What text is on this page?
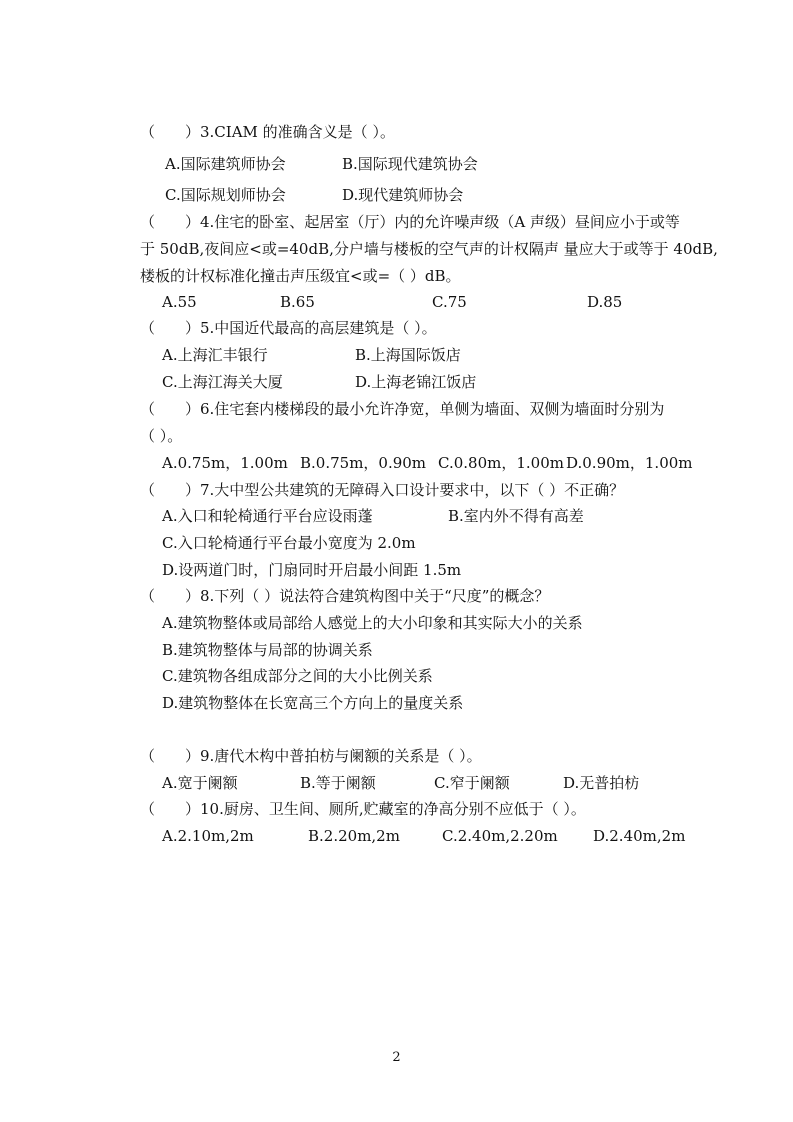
（　　）3.CIAM 的准确含义是（ ）。
A.国际建筑师协会	B.国际现代建筑协会
C.国际规划师协会	D.现代建筑师协会
（　　）4.住宅的卧室、起居室（厅）内的允许噪声级（A 声级）昼间应小于或等
于 50dB,夜间应<或=40dB,分户墙与楼板的空气声的计权隔声 量应大于或等于 40dB,
楼板的计权标准化撞击声压级宜<或=（ ）dB。
A.55	B.65	C.75	D.85
（　　）5.中国近代最高的高层建筑是（ ）。
A.上海汇丰银行	B.上海国际饭店
C.上海江海关大厦	D.上海老锦江饭店
（　　）6.住宅套内楼梯段的最小允许净宽，单侧为墙面、双侧为墙面时分别为
（ ）。
A.0.75m，1.00m B.0.75m，0.90m C.0.80m，1.00m D.0.90m，1.00m
（　　）7.大中型公共建筑的无障碍入口设计要求中，以下（ ）不正确？
A.入口和轮椅通行平台应设雨蓬	B.室内外不得有高差
C.入口轮椅通行平台最小宽度为 2.0m
D.设两道门时，门扇同时开启最小间距 1.5m
（　　）8.下列（ ）说法符合建筑构图中关于“尺度”的概念？
A.建筑物整体或局部给人感觉上的大小印象和其实际大小的关系
B.建筑物整体与局部的协调关系
C.建筑物各组成部分之间的大小比例关系
D.建筑物整体在长宽高三个方向上的量度关系
（　　）9.唐代木构中普拍枋与阑额的关系是（ ）。
A.宽于阑额	B.等于阑额	C.窄于阑额	D.无普拍枋
（　　）10.厨房、卫生间、厕所,贮藏室的净高分别不应低于（ ）。
A.2.10m,2m	B.2.20m,2m	C.2.40m,2.20m D.2.40m,2m
2
